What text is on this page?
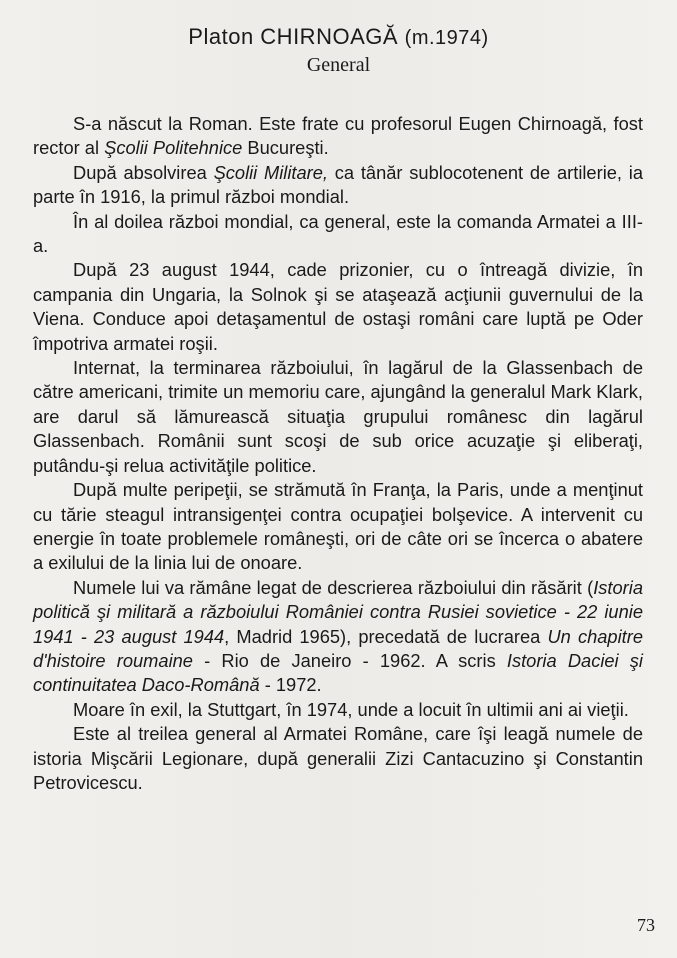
Platon CHIRNOAGĂ (m.1974)
General

S-a născut la Roman. Este frate cu profesorul Eugen Chirnoagă, fost rector al Şcolii Politehnice Bucureşti.

După absolvirea Şcolii Militare, ca tânăr sublocotenent de artilerie, ia parte în 1916, la primul război mondial.

În al doilea război mondial, ca general, este la comanda Armatei a III-a.

După 23 august 1944, cade prizonier, cu o întreagă divizie, în campania din Ungaria, la Solnok şi se ataşează acţiunii guvernului de la Viena. Conduce apoi detaşamentul de ostaşi români care luptă pe Oder împotriva armatei roşii.

Internat, la terminarea războiului, în lagărul de la Glassenbach de către americani, trimite un memoriu care, ajungând la generalul Mark Klark, are darul să lămurească situaţia grupului românesc din lagărul Glassenbach. Românii sunt scoşi de sub orice acuzaţie şi eliberaţi, putându-şi relua activităţile politice.

După multe peripeţii, se strămută în Franţa, la Paris, unde a menţinut cu tărie steagul intransigenţei contra ocupaţiei bolşevice. A intervenit cu energie în toate problemele româneşti, ori de câte ori se încerca o abatere a exilului de la linia lui de onoare.

Numele lui va rămâne legat de descrierea războiului din răsărit (Istoria politică şi militară a războiului României contra Rusiei sovietice - 22 iunie 1941 - 23 august 1944, Madrid 1965), precedată de lucrarea Un chapitre d'histoire roumaine - Rio de Janeiro - 1962. A scris Istoria Daciei şi continuitatea Daco-Română - 1972.

Moare în exil, la Stuttgart, în 1974, unde a locuit în ultimii ani ai vieţii.

Este al treilea general al Armatei Române, care îşi leagă numele de istoria Mişcării Legionare, după generalii Zizi Cantacuzino şi Constantin Petrovicescu.

73
